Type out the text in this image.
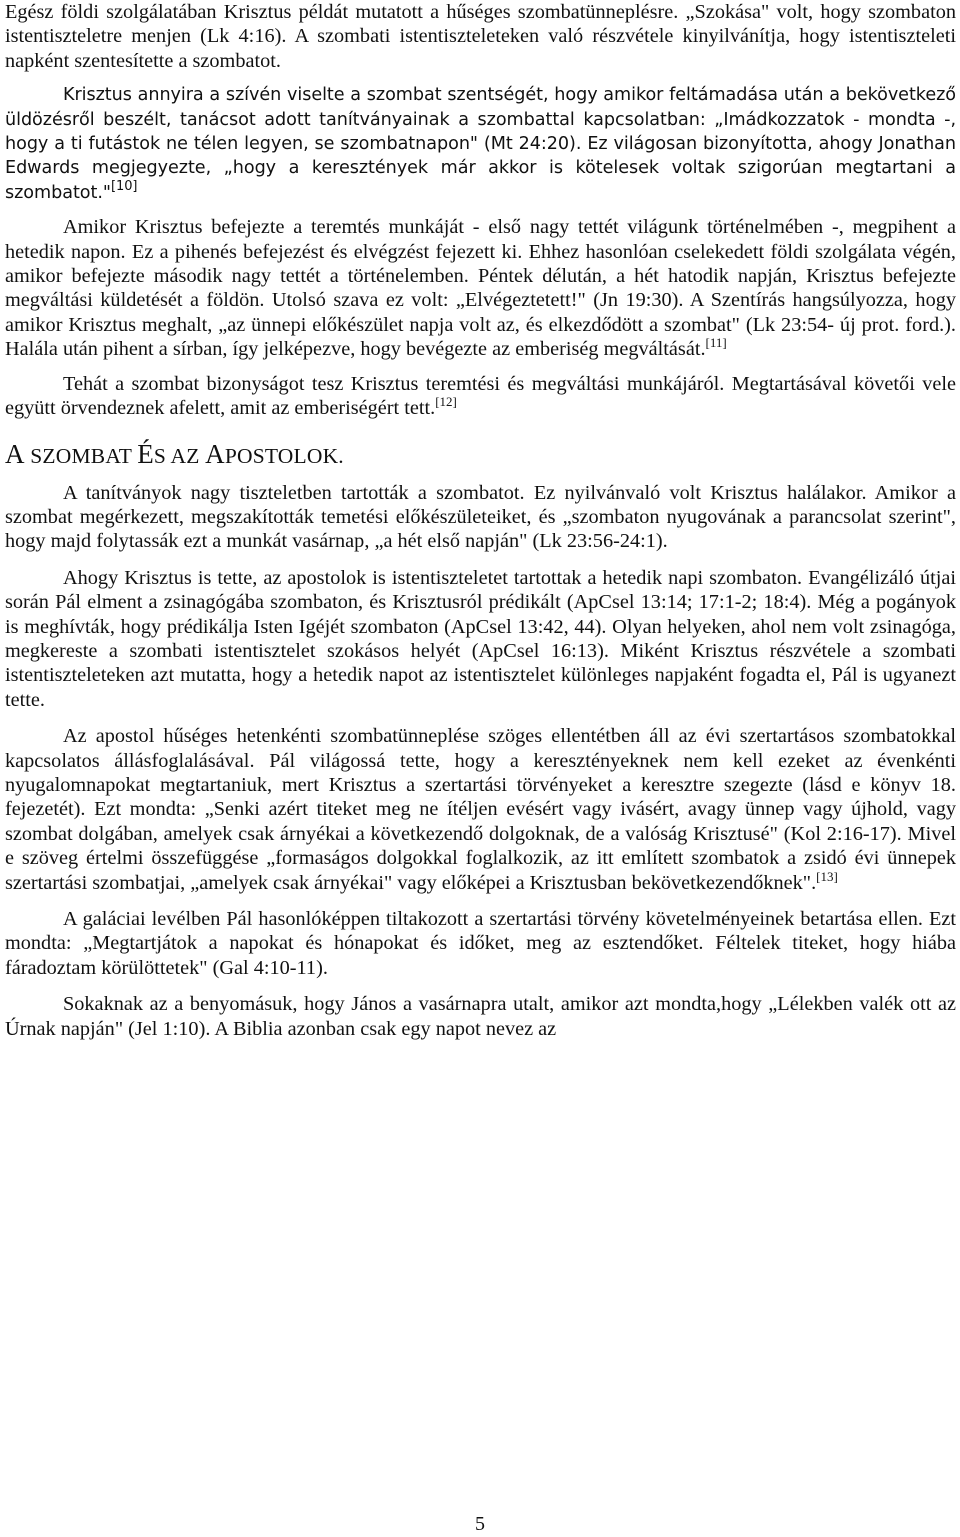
Egész földi szolgálatában Krisztus példát mutatott a hűséges szombatünneplésre. „Szokása" volt, hogy szombaton istentiszteletre menjen (Lk 4:16). A szombati istentiszteleteken való részvétele kinyilvánítja, hogy istentiszteleti napként szentesítette a szombatot.

Krisztus annyira a szívén viselte a szombat szentségét, hogy amikor feltámadása után a bekövetkező üldözésről beszélt, tanácsot adott tanítványainak a szombattal kapcsolatban: „Imádkozzatok - mondta -, hogy a ti futástok ne télen legyen, se szombatnapon" (Mt 24:20). Ez világosan bizonyította, ahogy Jonathan Edwards megjegyezte, „hogy a keresztények már akkor is kötelesek voltak szigorúan megtartani a szombatot."[10]

Amikor Krisztus befejezte a teremtés munkáját - első nagy tettét világunk történelmében -, megpihent a hetedik napon. Ez a pihenés befejezést és elvégzést fejezett ki. Ehhez hasonlóan cselekedett földi szolgálata végén, amikor befejezte második nagy tettét a történelemben. Péntek délután, a hét hatodik napján, Krisztus befejezte megváltási küldetését a földön. Utolsó szava ez volt: „Elvégeztetett!" (Jn 19:30). A Szentírás hangsúlyozza, hogy amikor Krisztus meghalt, „az ünnepi előkészület napja volt az, és elkezdődött a szombat" (Lk 23:54- új prot. ford.). Halála után pihent a sírban, így jelképezve, hogy bevégezte az emberiség megváltását.[11]

Tehát a szombat bizonyságot tesz Krisztus teremtési és megváltási munkájáról. Megtartásával követői vele együtt örvendeznek afelett, amit az emberiségért tett.[12]

A SZOMBAT ÉS AZ APOSTOLOK.

A tanítványok nagy tiszteletben tartották a szombatot. Ez nyilvánvaló volt Krisztus halálakor. Amikor a szombat megérkezett, megszakították temetési előkészületeiket, és „szombaton nyugovának a parancsolat szerint", hogy majd folytassák ezt a munkát vasárnap, „a hét első napján" (Lk 23:56-24:1).

Ahogy Krisztus is tette, az apostolok is istentiszteletet tartottak a hetedik napi szombaton. Evangélizáló útjai során Pál elment a zsinagógába szombaton, és Krisztusról prédikált (ApCsel 13:14; 17:1-2; 18:4). Még a pogányok is meghívták, hogy prédikálja Isten Igéjét szombaton (ApCsel 13:42, 44). Olyan helyeken, ahol nem volt zsinagóga, megkereste a szombati istentisztelet szokásos helyét (ApCsel 16:13). Miként Krisztus részvétele a szombati istentiszteleteken azt mutatta, hogy a hetedik napot az istentisztelet különleges napjaként fogadta el, Pál is ugyanezt tette.

Az apostol hűséges hetenkénti szombatünneplése szöges ellentétben áll az évi szertartásos szombatokkal kapcsolatos állásfoglalásával. Pál világossá tette, hogy a keresztényeknek nem kell ezeket az évenkénti nyugalomnapokat megtartaniuk, mert Krisztus a szertartási törvényeket a keresztre szegezte (lásd e könyv 18. fejezetét). Ezt mondta: „Senki azért titeket meg ne ítéljen evésért vagy ivásért, avagy ünnep vagy újhold, vagy szombat dolgában, amelyek csak árnyékai a következendő dolgoknak, de a valóság Krisztusé" (Kol 2:16-17). Mivel e szöveg értelmi összefüggése „formaságos dolgokkal foglalkozik, az itt említett szombatok a zsidó évi ünnepek szertartási szombatjai, „amelyek csak árnyékai" vagy előképei a Krisztusban bekövetkezendőknek".[13]

A galáciai levélben Pál hasonlóképpen tiltakozott a szertartási törvény követelményeinek betartása ellen. Ezt mondta: „Megtartjátok a napokat és hónapokat és időket, meg az esztendőket. Féltelek titeket, hogy hiába fáradoztam körülöttetek" (Gal 4:10-11).

Sokaknak az a benyomásuk, hogy János a vasárnapra utalt, amikor azt mondta,hogy „Lélekben valék ott az Úrnak napján" (Jel 1:10). A Biblia azonban csak egy napot nevez az

5
